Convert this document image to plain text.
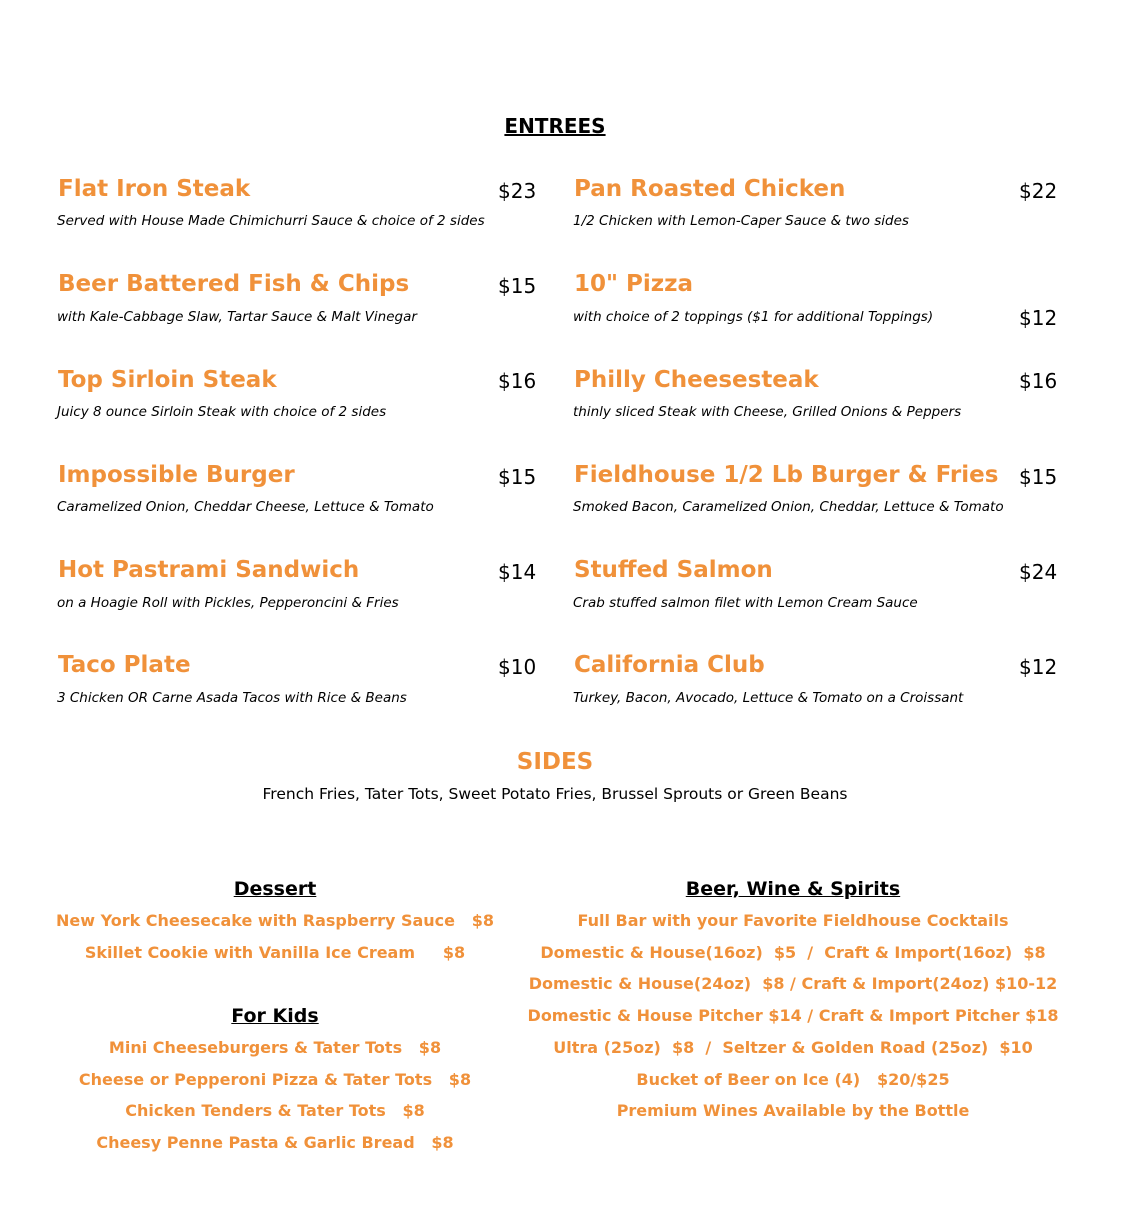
ENTREES
Flat Iron Steak	$23
Served with House Made Chimichurri Sauce & choice of 2 sides
Beer Battered Fish & Chips	$15
with Kale-Cabbage Slaw, Tartar Sauce & Malt Vinegar
Top Sirloin Steak	$16
Juicy 8 ounce Sirloin Steak with choice of 2 sides
Impossible Burger	$15
Caramelized Onion, Cheddar Cheese, Lettuce & Tomato
Hot Pastrami Sandwich	$14
on a Hoagie Roll with Pickles, Pepperoncini & Fries
Taco Plate	$10
3 Chicken OR Carne Asada Tacos with Rice & Beans
Pan Roasted Chicken	$22
1/2 Chicken with Lemon-Caper Sauce & two sides
10" Pizza
$12
with choice of 2 toppings ($1 for additional Toppings)
Philly Cheesesteak	$16
thinly sliced Steak with Cheese, Grilled Onions & Peppers
Fieldhouse 1/2 Lb Burger & Fries $15
Smoked Bacon, Caramelized Onion, Cheddar, Lettuce & Tomato
Stuffed Salmon	$24
Crab stuffed salmon filet with Lemon Cream Sauce
California Club	$12
Turkey, Bacon, Avocado, Lettuce & Tomato on a Croissant
SIDES
French Fries, Tater Tots, Sweet Potato Fries, Brussel Sprouts or Green Beans
Dessert
New York Cheesecake with Raspberry Sauce   $8
Skillet Cookie with Vanilla Ice Cream     $8
For Kids
Mini Cheeseburgers & Tater Tots   $8
Cheese or Pepperoni Pizza & Tater Tots   $8
Chicken Tenders & Tater Tots   $8
Cheesy Penne Pasta & Garlic Bread   $8
Beer, Wine & Spirits
Full Bar with your Favorite Fieldhouse Cocktails
Domestic & House(16oz)  $5  /  Craft & Import(16oz)  $8
Domestic & House(24oz)  $8 / Craft & Import(24oz) $10-12
Domestic & House Pitcher $14 / Craft & Import Pitcher $18
Ultra (25oz)  $8  /  Seltzer & Golden Road (25oz)  $10
Bucket of Beer on Ice (4)   $20/$25
Premium Wines Available by the Bottle
